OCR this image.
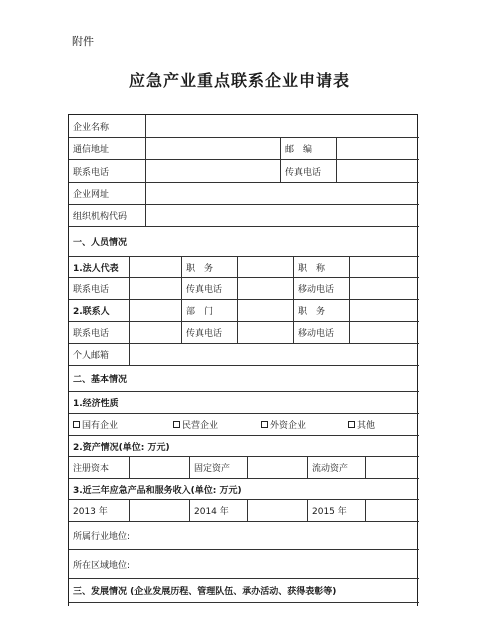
附件
应急产业重点联系企业申请表
企业名称
通信地址	邮　编
联系电话	传真电话
企业网址
组织机构代码
一、人员情况
1.法人代表	职　务	职　称
联系电话	传真电话	移动电话
2.联系人	部　门	职　务
联系电话	传真电话	移动电话
个人邮箱
二、基本情况
1.经济性质
国有企业	民营企业	外资企业	其他
2.资产情况(单位: 万元)
注册资本	固定资产	流动资产
3.近三年应急产品和服务收入(单位: 万元)
2013 年	2014 年	2015 年
所属行业地位:
所在区域地位:
三、发展情况 (企业发展历程、管理队伍、承办活动、获得表彰等)
